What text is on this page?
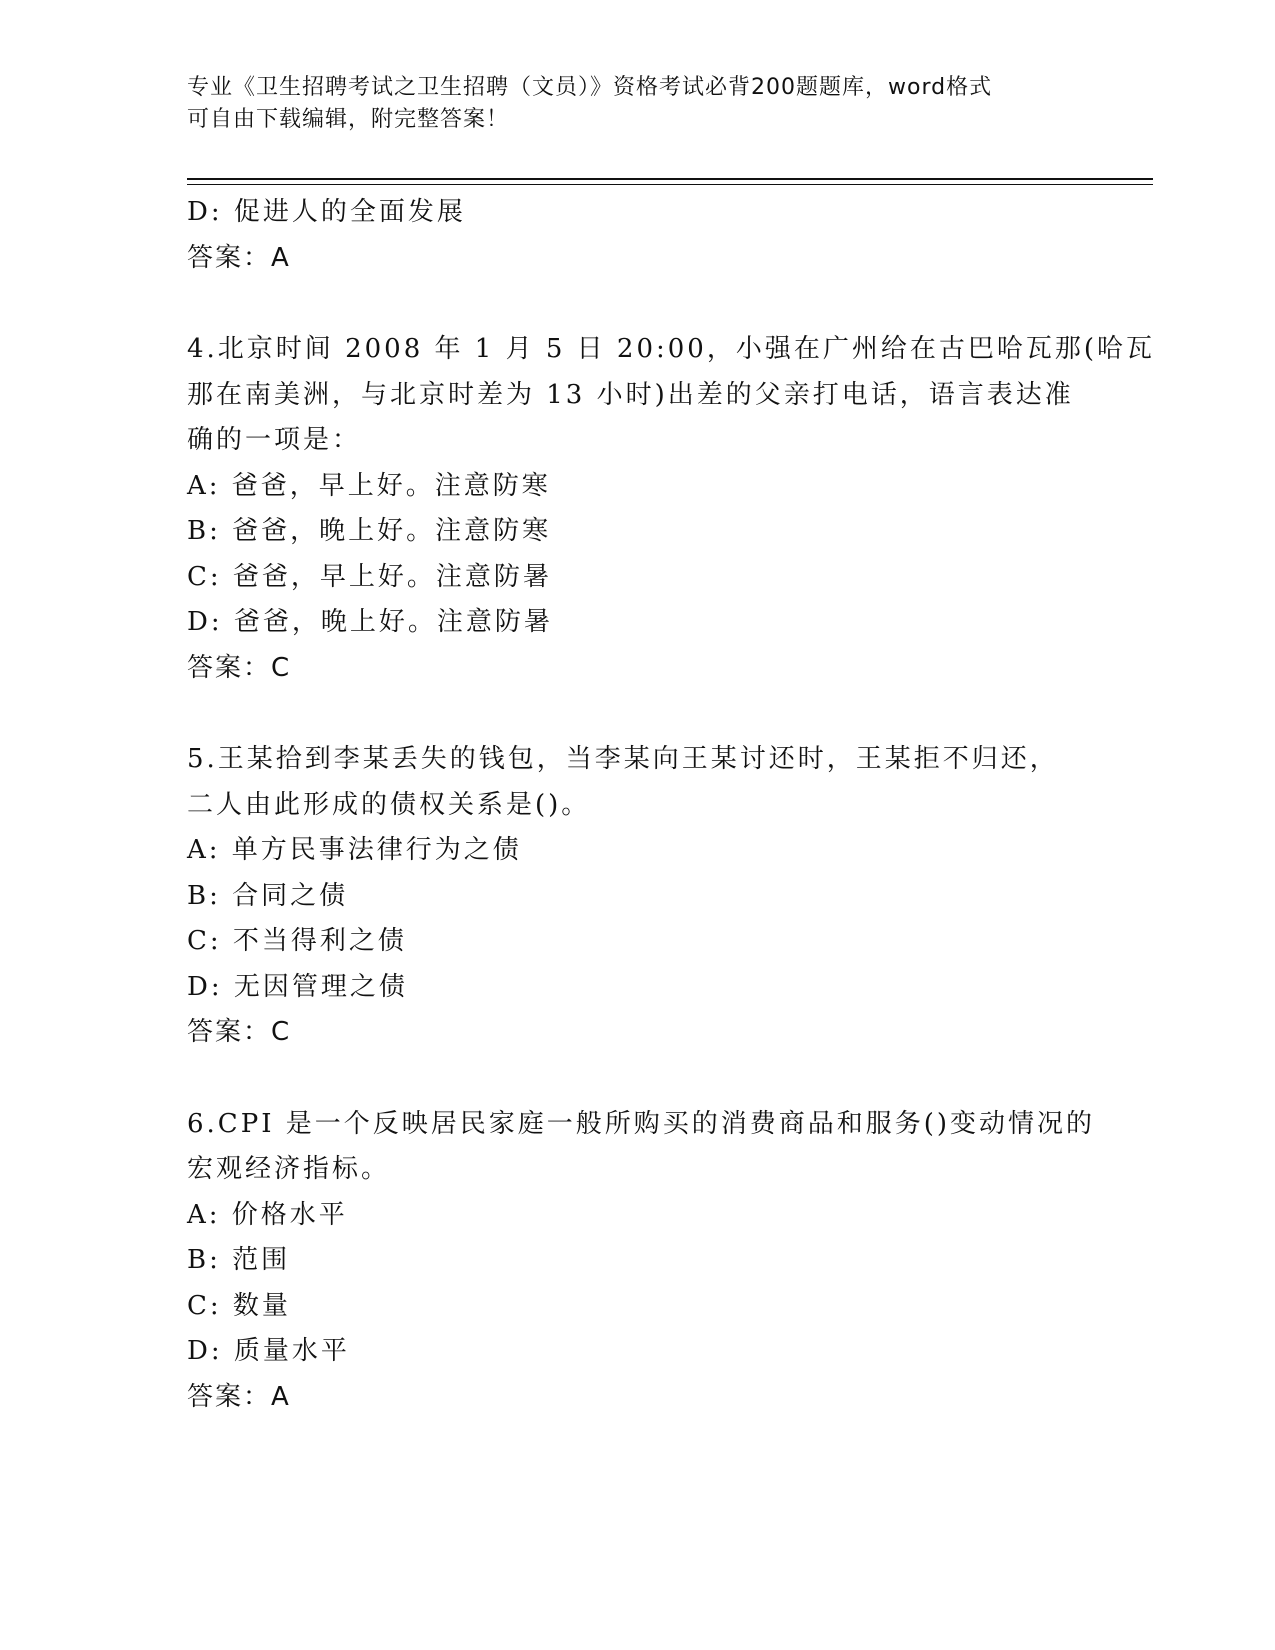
专业《卫生招聘考试之卫生招聘（文员）》资格考试必背200题题库，word格式
可自由下载编辑，附完整答案！
D: 促进人的全面发展
答案：A
4.北京时间 2008 年 1 月 5 日 20:00，小强在广州给在古巴哈瓦那(哈瓦
那在南美洲，与北京时差为 13 小时)出差的父亲打电话，语言表达准
确的一项是：
A: 爸爸，早上好。注意防寒
B: 爸爸，晚上好。注意防寒
C: 爸爸，早上好。注意防暑
D: 爸爸，晚上好。注意防暑
答案：C
5.王某拾到李某丢失的钱包，当李某向王某讨还时，王某拒不归还，
二人由此形成的债权关系是()。
A: 单方民事法律行为之债
B: 合同之债
C: 不当得利之债
D: 无因管理之债
答案：C
6.CPI 是一个反映居民家庭一般所购买的消费商品和服务()变动情况的
宏观经济指标。
A: 价格水平
B: 范围
C: 数量
D: 质量水平
答案：A
